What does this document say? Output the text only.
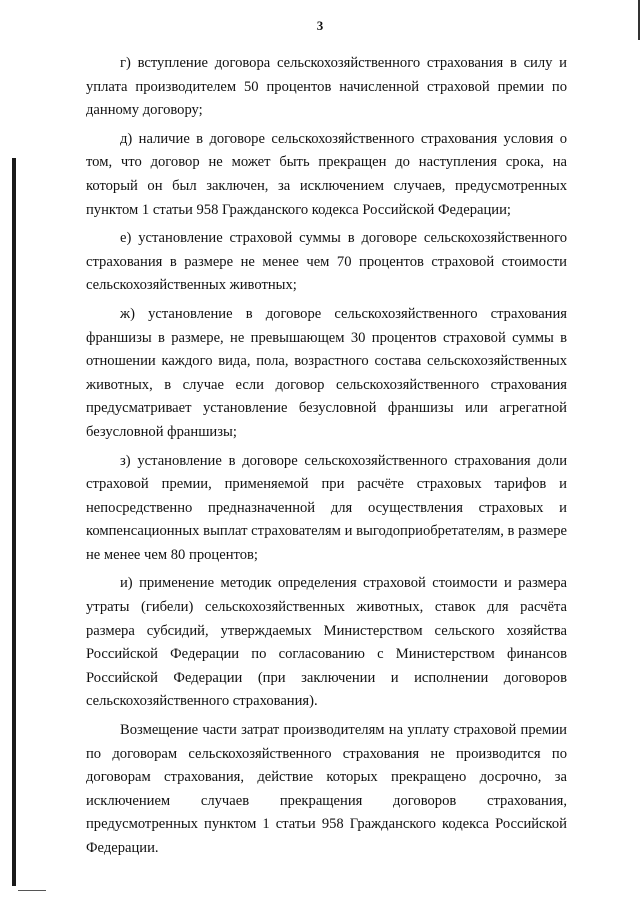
3

г) вступление договора сельскохозяйственного страхования в силу и уплата производителем 50 процентов начисленной страховой премии по данному договору;

д) наличие в договоре сельскохозяйственного страхования условия о том, что договор не может быть прекращен до наступления срока, на который он был заключен, за исключением случаев, предусмотренных пунктом 1 статьи 958 Гражданского кодекса Российской Федерации;

е) установление страховой суммы в договоре сельскохозяйственного страхования в размере не менее чем 70 процентов страховой стоимости сельскохозяйственных животных;

ж) установление в договоре сельскохозяйственного страхования франшизы в размере, не превышающем 30 процентов страховой суммы в отношении каждого вида, пола, возрастного состава сельскохозяйственных животных, в случае если договор сельскохозяйственного страхования предусматривает установление безусловной франшизы или агрегатной безусловной франшизы;

з) установление в договоре сельскохозяйственного страхования доли страховой премии, применяемой при расчёте страховых тарифов и непосредственно предназначенной для осуществления страховых и компенсационных выплат страхователям и выгодоприобретателям, в размере не менее чем 80 процентов;

и) применение методик определения страховой стоимости и размера утраты (гибели) сельскохозяйственных животных, ставок для расчёта размера субсидий, утверждаемых Министерством сельского хозяйства Российской Федерации по согласованию с Министерством финансов Российской Федерации (при заключении и исполнении договоров сельскохозяйственного страхования).

Возмещение части затрат производителям на уплату страховой премии по договорам сельскохозяйственного страхования не производится по договорам страхования, действие которых прекращено досрочно, за исключением случаев прекращения договоров страхования, предусмотренных пунктом 1 статьи 958 Гражданского кодекса Российской Федерации.
